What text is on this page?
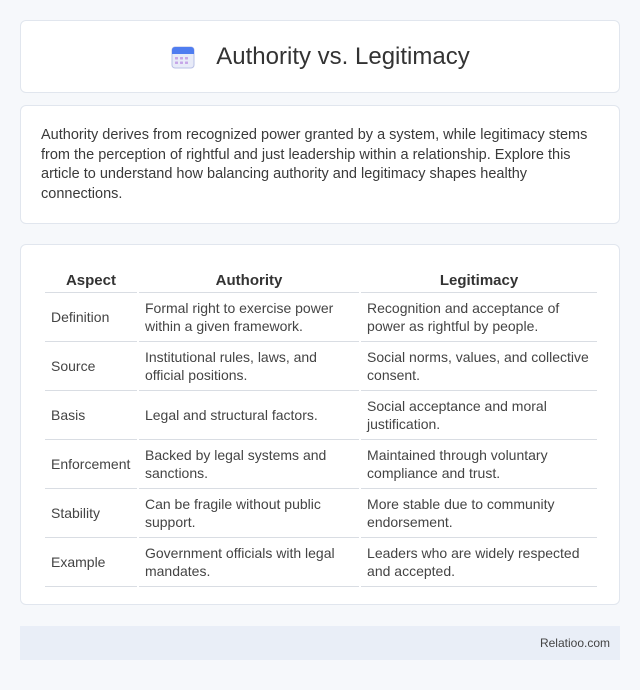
Authority vs. Legitimacy

Authority derives from recognized power granted by a system, while legitimacy stems from the perception of rightful and just leadership within a relationship. Explore this article to understand how balancing authority and legitimacy shapes healthy connections.

Aspect	Authority	Legitimacy
Definition	Formal right to exercise power within a given framework.	Recognition and acceptance of power as rightful by people.
Source	Institutional rules, laws, and official positions.	Social norms, values, and collective consent.
Basis	Legal and structural factors.	Social acceptance and moral justification.
Enforcement	Backed by legal systems and sanctions.	Maintained through voluntary compliance and trust.
Stability	Can be fragile without public support.	More stable due to community endorsement.
Example	Government officials with legal mandates.	Leaders who are widely respected and accepted.
Relatioo.com
